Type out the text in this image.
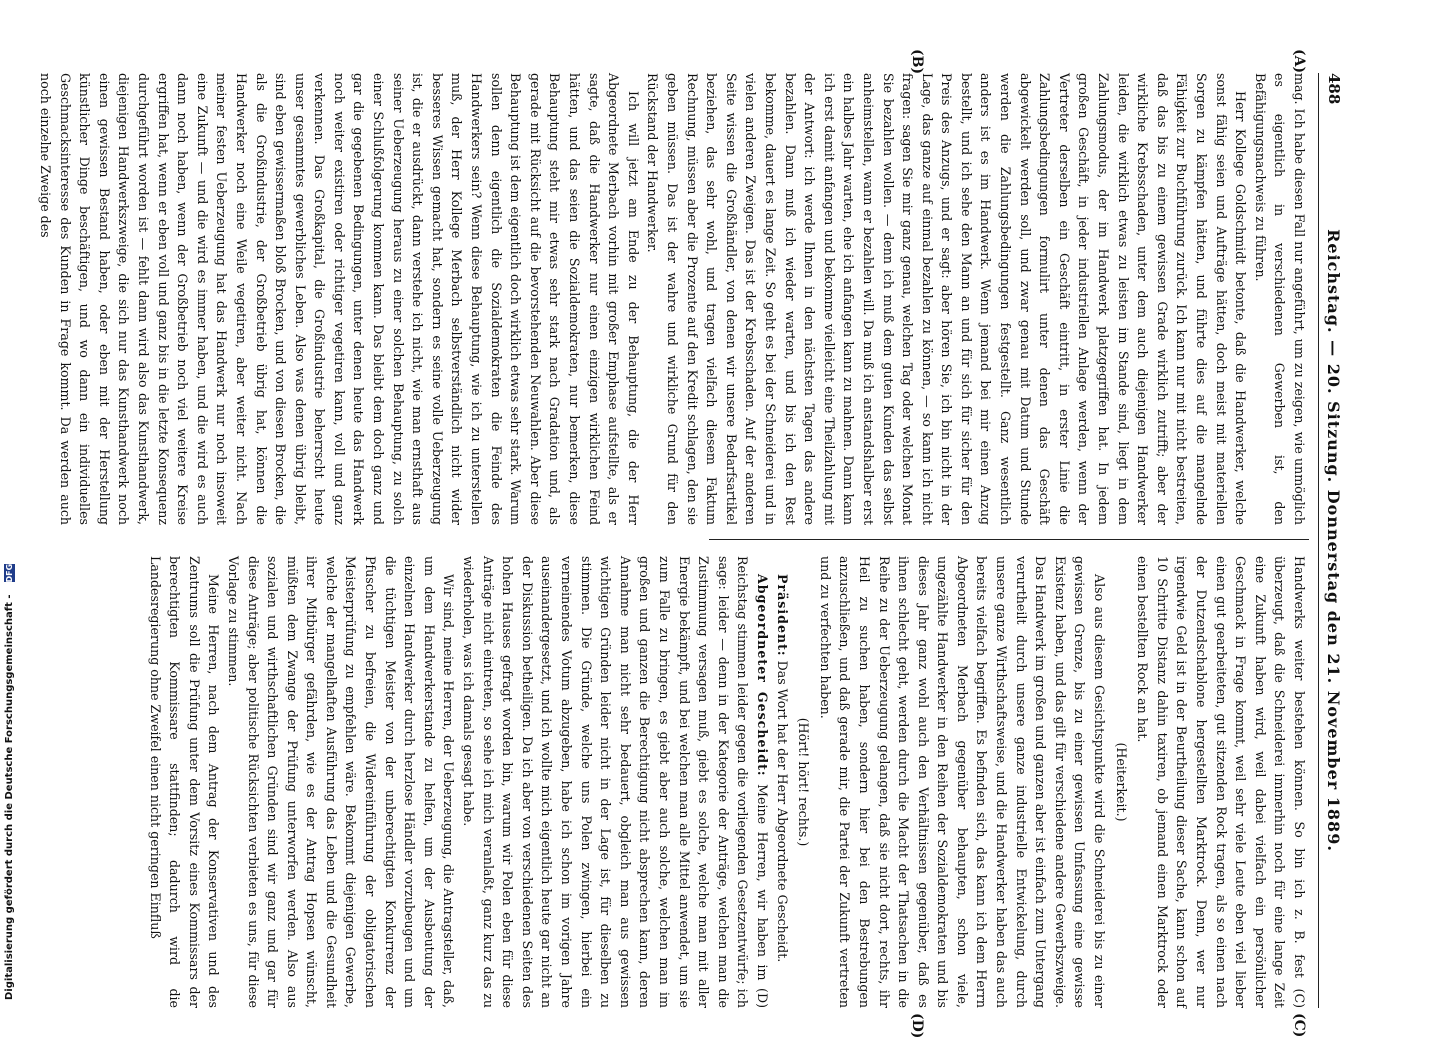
488
Reichstag. — 20. Sitzung. Donnerstag den 21. November 1889.
(A)
(B)
(C)
(D)

mag. Ich habe diesen Fall nur angeführt, um zu zeigen, wie unmöglich es eigentlich in verschiedenen Gewerben ist, den Befähigungsnachweis zu führen.

Herr Kollege Goldschmidt betonte, daß die Handwerker, welche sonst fähig seien und Aufträge hätten, doch meist mit materiellen Sorgen zu kämpfen hätten, und führte dies auf die mangelnde Fähigkeit zur Buchführung zurück. Ich kann nur mit nicht bestreiten, daß das bis zu einem gewissen Grade wirklich zutrifft; aber der wirkliche Krebsschaden, unter dem auch diejenigen Handwerker leiden, die wirklich etwas zu leisten im Stande sind, liegt in dem Zahlungsmodus, der im Handwerk platzgegriffen hat. In jedem großen Geschäft, in jeder industriellen Anlage werden, wenn der Vertreter derselben ein Geschäft eintritt, in erster Linie die Zahlungsbedingungen formulirt unter denen das Geschäft abgewickelt werden soll, und zwar genau mit Datum und Stunde werden die Zahlungsbedingungen festgestellt. Ganz wesentlich anders ist es im Handwerk. Wenn jemand bei mir einen Anzug bestellt, und ich sehe den Mann an und für sich für sicher für den Preis des Anzugs, und er sagt: aber hören Sie, ich bin nicht in der Lage, das ganze auf einmal bezahlen zu können, — so kann ich nicht fragen: sagen Sie mir ganz genau, welchen Tag oder welchen Monat Sie bezahlen wollen. — denn ich muß dem guten Kunden das selbst anheimstellen, wann er bezahlen will. Da muß ich anstandshalber erst ein halbes Jahr warten, ehe ich anfangen kann zu mahnen. Dann kann ich erst damit anfangen und bekomme vielleicht eine Theilzahlung mit der Antwort: ich werde Ihnen in den nächsten Tagen das andere bezahlen. Dann muß ich wieder warten, und bis ich den Rest bekomme, dauert es lange Zeit. So geht es bei der Schneiderei und in vielen anderen Zweigen. Das ist der Krebsschaden. Auf der anderen Seite wissen die Großhändler, von denen wir unsere Bedarfsartikel beziehen, das sehr wohl, und tragen vielfach diesem Faktum Rechnung, müssen aber die Prozente auf den Kredit schlagen, den sie geben müssen. Das ist der wahre und wirkliche Grund für den Rückstand der Handwerker.

Ich will jetzt am Ende zu der Behauptung, die der Herr Abgeordnete Merbach vorhin mit großer Emphase aufstellte, als er sagte, daß die Handwerker nur einen einzigen wirklichen Feind hätten, und das seien die Sozialdemokraten, nur bemerken, diese Behauptung steht mir etwas sehr stark nach Gradation und, als gerade mit Rücksicht auf die bevorstehenden Neuwahlen. Aber diese Behauptung ist dem eigentlich doch wirklich etwas sehr stark. Warum sollen denn eigentlich die Sozialdemokraten die Feinde des Handwerkers sein? Wenn diese Behauptung, wie ich zu unterstellen muß, der Herr Kollege Merbach selbstverständlich nicht wider besseres Wissen gemacht hat, sondern es seine volle Ueberzeugung ist, die er ausdrückt, dann verstehe ich nicht, wie man ernsthaft aus seiner Ueberzeugung heraus zu einer solchen Behauptung, zu solch einer Schlußfolgerung kommen kann. Das bleibt dem doch ganz und gar die gegebenen Bedingungen, unter denen heute das Handwerk noch weiter existiren oder richtiger vegetiren kann, voll und ganz verkennen. Das Großkapital, die Großindustrie beherrscht heute unser gesammtes gewerbliches Leben. Also was denen übrig bleibt, sind eben gewissermaßen bloß Brocken, und von diesen Brocken, die als die Großindustrie, der Großbetrieb übrig hat, können die Handwerker noch eine Weile vegetiren, aber weiter nicht. Nach meiner festen Ueberzeugung hat das Handwerk nur noch insoweit eine Zukunft — und die wird es immer haben, und die wird es auch dann noch haben, wenn der Großbetrieb noch viel weitere Kreise ergriffen hat, wenn er eben voll und ganz bis in die letzte Konsequenz durchgeführt worden ist — fehlt dann wird also das Kunsthandwerk, diejenigen Handwerkszweige, die sich nur das Kunsthandwerk noch einen gewissen Bestand haben, oder eben mit der Herstellung künstlicher Dinge beschäftigen, und wo dann ein individuelles Geschmacksinteresse des Kunden in Frage kommt. Da werden auch noch einzelne Zweige des

Handwerks weiter bestehen können. So bin ich z. B. fest (C) überzeugt, daß die Schneiderei immerhin noch für eine lange Zeit eine Zukunft haben wird, weil dabei vielfach ein persönlicher Geschmack in Frage kommt, weil sehr viele Leute eben viel lieber einen gut gearbeiteten, gut sitzenden Rock tragen, als so einen nach der Dutzendschablone hergestellten Marktrock. Denn, wer nur irgendwie Geld ist in der Beurtheilung dieser Sache, kann schon auf 10 Schritte Distanz dahin taxiren, ob jemand einen Marktrock oder einen bestellten Rock an hat.

(Heiterkeit.)

Also aus diesem Gesichtspunkte wird die Schneiderei bis zu einer gewissen Grenze, bis zu einer gewissen Umfassung eine gewisse Existenz haben, und das gilt für verschiedene andere Gewerbszweige. Das Handwerk im großen und ganzen aber ist einfach zum Untergang verurtheilt durch unsere ganze industrielle Entwickelung, durch unsere ganze Wirthschaftsweise, und die Handwerker haben das auch bereits vielfach begriffen. Es befinden sich, das kann ich dem Herrn Abgeordneten Merbach gegenüber behaupten, schon viele, ungezählte Handwerker in den Reihen der Sozialdemokraten und bis dieses Jahr ganz wohl auch den Verhältnissen gegenüber, daß es ihnen schlecht geht, werden durch die Macht der Thatsachen in die Reihe zu der Ueberzeugung gelangen, daß sie nicht dort, rechts, ihr Heil zu suchen haben, sondern hier bei den Bestrebungen anzuschließen, und daß gerade mir, die Partei der Zukunft vertreten und zu verfechten haben.

(Hört! hört! rechts.)

Präsident: Das Wort hat der Herr Abgeordnete Gescheidt.

Abgeordneter Gescheidt: Meine Herren, wir haben im (D) Reichstag stimmen leider gegen die vorliegenden Gesetzentwürfe; ich sage: leider — denn in der Kategorie der Anträge, welchen man die Zustimmung versagen muß, giebt es solche, welche man mit aller Energie bekämpft, und bei welchen man alle Mittel anwendet, um sie zum Falle zu bringen, es giebt aber auch solche, welchen man im großen und ganzen die Berechtigung nicht absprechen kann, deren Annahme man nicht sehr bedauert, obgleich man aus gewissen wichtigen Gründen leider nicht in der Lage ist, für dieselben zu stimmen. Die Gründe, welche uns Polen zwingen, hierbei ein verneinendes Votum abzugeben, habe ich schon im vorigen Jahre auseinandergesetzt, und ich wollte mich eigentlich heute gar nicht an der Diskussion betheiligen. Da ich aber von verschiedenen Seiten des hohen Hauses gefragt worden bin, warum wir Polen eben für diese Anträge nicht eintreten, so sehe ich mich veranlaßt, ganz kurz das zu wiederholen, was ich damals gesagt habe.

Wir sind, meine Herren, der Ueberzeugung, die Antragsteller, daß, um dem Handwerkerstande zu helfen, um der Ausbeutung der einzelnen Handwerker durch herzlose Händler vorzubeugen und um die tüchtigen Meister von der unberechtigten Konkurrenz der Pfuscher zu befreien, die Widereinführung der obligatorischen Meisterprüfung zu empfehlen wäre. Bekommt diejenigen Gewerbe, welche der mangelhaften Ausführung das Leben und die Gesundheit ihrer Mitbürger gefährden, wie es der Antrag Hopsen wünscht, müßten dem Zwange der Prüfung unterworfen werden. Also aus sozialen und wirthschaftlichen Gründen sind wir ganz und gar für diese Anträge; aber politische Rücksichten verbieten es uns, für diese Vorlage zu stimmen.

Meine Herren, nach dem Antrag der Konservativen und des Zentrums soll die Prüfung unter dem Vorsitz eines Kommissars der berechtigten Kommissare stattfinden; dadurch wird die Landesregierung ohne Zweifel einen nicht geringen Einfluß

Digitalisierung gefördert durch die Deutsche Forschungsgemeinschaft -
DFG
